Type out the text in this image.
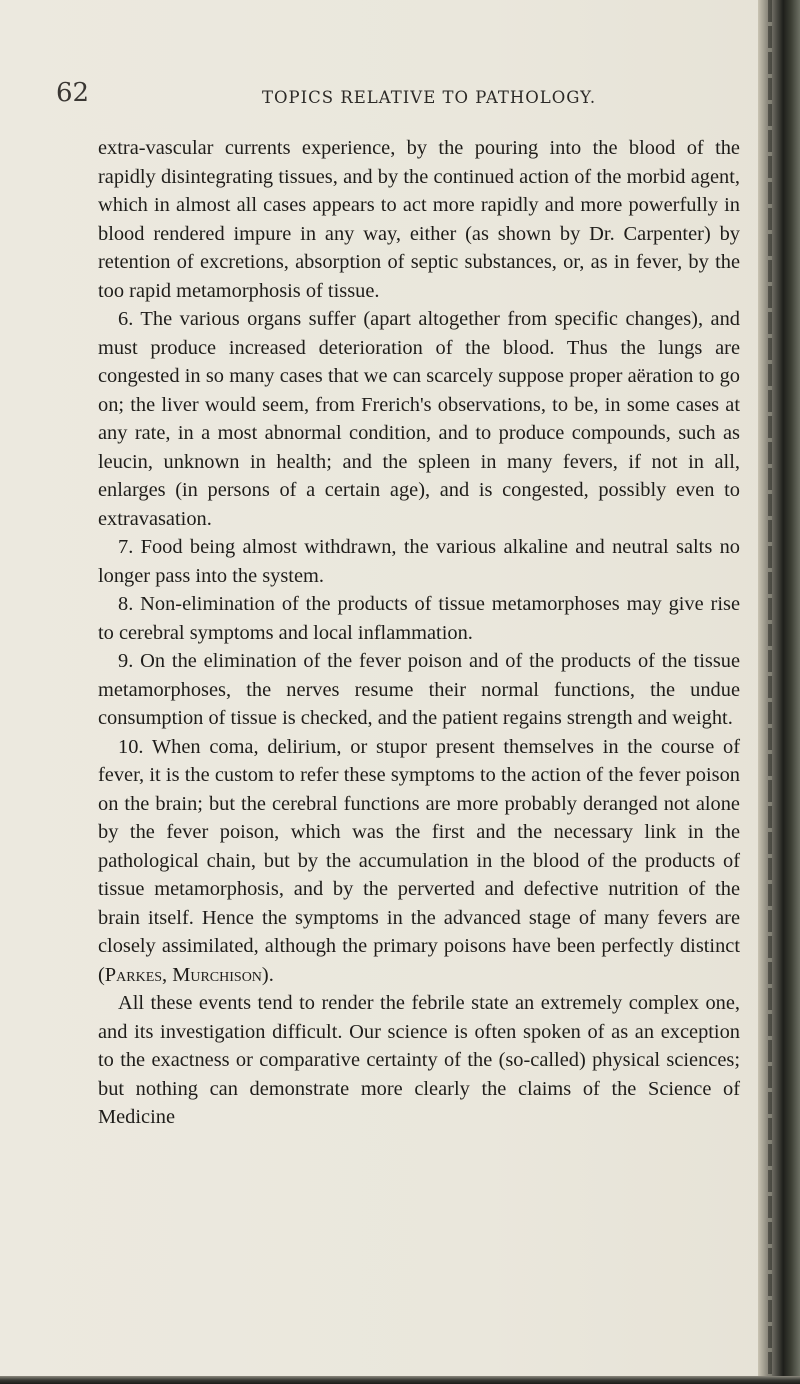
62	TOPICS RELATIVE TO PATHOLOGY.

extra-vascular currents experience, by the pouring into the blood of the rapidly disintegrating tissues, and by the continued action of the morbid agent, which in almost all cases appears to act more rapidly and more powerfully in blood rendered impure in any way, either (as shown by Dr. Carpenter) by retention of excretions, absorption of septic substances, or, as in fever, by the too rapid metamorphosis of tissue.

6. The various organs suffer (apart altogether from specific changes), and must produce increased deterioration of the blood. Thus the lungs are congested in so many cases that we can scarcely suppose proper aëration to go on; the liver would seem, from Frerich's observations, to be, in some cases at any rate, in a most abnormal condition, and to produce compounds, such as leucin, unknown in health; and the spleen in many fevers, if not in all, enlarges (in persons of a certain age), and is congested, possibly even to extravasation.

7. Food being almost withdrawn, the various alkaline and neutral salts no longer pass into the system.

8. Non-elimination of the products of tissue metamorphoses may give rise to cerebral symptoms and local inflammation.

9. On the elimination of the fever poison and of the products of the tissue metamorphoses, the nerves resume their normal functions, the undue consumption of tissue is checked, and the patient regains strength and weight.

10. When coma, delirium, or stupor present themselves in the course of fever, it is the custom to refer these symptoms to the action of the fever poison on the brain; but the cerebral functions are more probably deranged not alone by the fever poison, which was the first and the necessary link in the pathological chain, but by the accumulation in the blood of the products of tissue metamorphosis, and by the perverted and defective nutrition of the brain itself. Hence the symptoms in the advanced stage of many fevers are closely assimilated, although the primary poisons have been perfectly distinct (Parkes, Murchison).

All these events tend to render the febrile state an extremely complex one, and its investigation difficult. Our science is often spoken of as an exception to the exactness or comparative certainty of the (so-called) physical sciences; but nothing can demonstrate more clearly the claims of the Science of Medicine
